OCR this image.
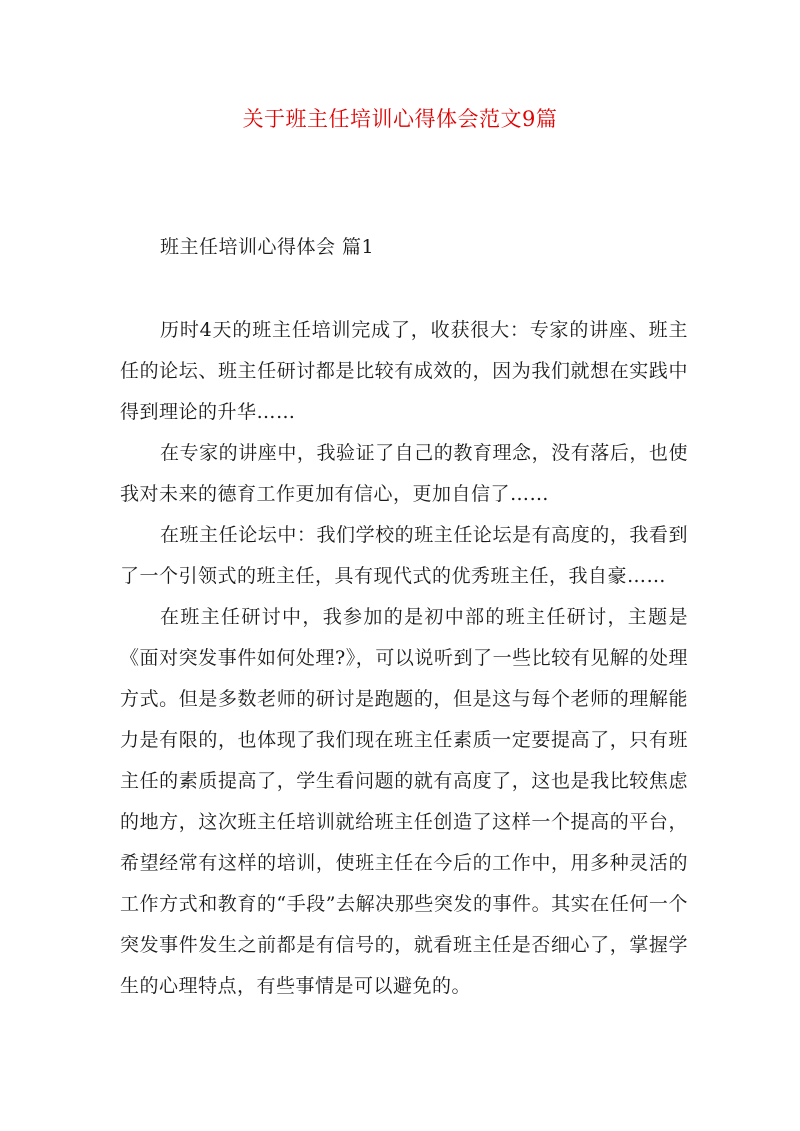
关于班主任培训心得体会范文9篇
班主任培训心得体会 篇1

历时4天的班主任培训完成了，收获很大：专家的讲座、班主任的论坛、班主任研讨都是比较有成效的，因为我们就想在实践中得到理论的升华……

在专家的讲座中，我验证了自己的教育理念，没有落后，也使我对未来的德育工作更加有信心，更加自信了……

在班主任论坛中：我们学校的班主任论坛是有高度的，我看到了一个引领式的班主任，具有现代式的优秀班主任，我自豪……

在班主任研讨中，我参加的是初中部的班主任研讨，主题是《面对突发事件如何处理?》，可以说听到了一些比较有见解的处理方式。但是多数老师的研讨是跑题的，但是这与每个老师的理解能力是有限的，也体现了我们现在班主任素质一定要提高了，只有班主任的素质提高了，学生看问题的就有高度了，这也是我比较焦虑的地方，这次班主任培训就给班主任创造了这样一个提高的平台，希望经常有这样的培训，使班主任在今后的工作中，用多种灵活的工作方式和教育的“手段”去解决那些突发的事件。其实在任何一个突发事件发生之前都是有信号的，就看班主任是否细心了，掌握学生的心理特点，有些事情是可以避免的。
